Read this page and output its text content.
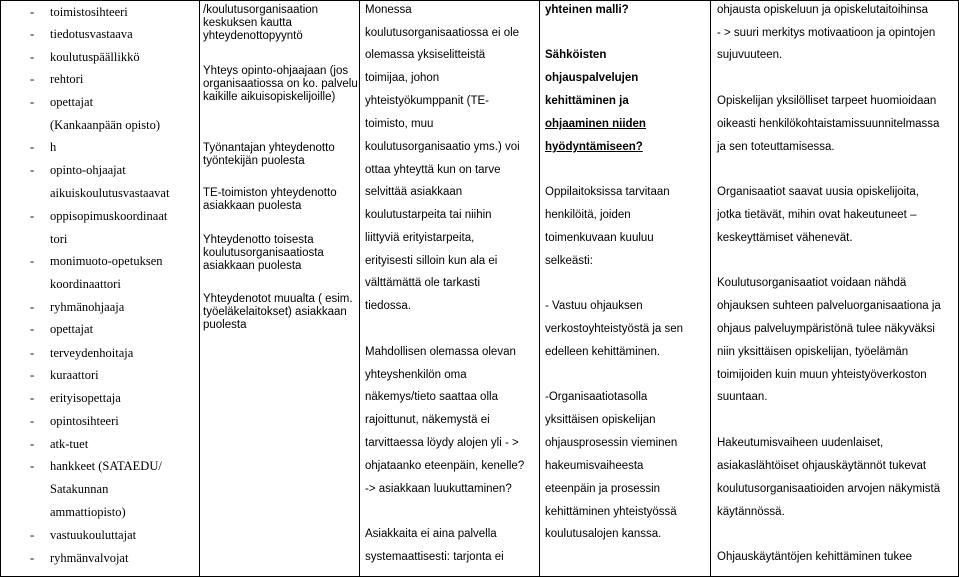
- toimistosihteeri
- tiedotusvastaava
- koulutuspäällikkö
- rehtori
- opettajat
(Kankaanpään opisto)
- h
- opinto-ohjaajat
aikuiskoulutusvastaavat
- oppisopimuskoordinaat
tori
- monimuoto-opetuksen
koordinaattori
- ryhmänohjaaja
- opettajat
- terveydenhoitaja
- kuraattori
- erityisopettaja
- opintosihteeri
- atk-tuet
- hankkeet (SATAEDU/
Satakunnan
ammattiopisto)
- vastuukouluttajat
- ryhmänvalvojat
/koulutusorganisaation keskuksen kautta yhteydenottopyyntö
Yhteys opinto-ohjaajaan (jos organisaatiossa on ko. palvelu kaikille aikuisopiskelijoille)
Työnantajan yhteydenotto työntekijän puolesta
TE-toimiston yhteydenotto asiakkaan puolesta
Yhteydenotto toisesta koulutusorganisaatiosta asiakkaan puolesta
Yhteydenotot muualta ( esim. työeläkelaitokset) asiakkaan puolesta
Monessa
koulutusorganisaatiossa ei ole
olemassa yksiselitteistä
toimijaa, johon
yhteistyökumppanit (TE-
toimisto, muu
koulutusorganisaatio yms.) voi
ottaa yhteyttä kun on tarve
selvittää asiakkaan
koulutustarpeita tai niihin
liittyviä erityistarpeita,
erityisesti silloin kun ala ei
välttämättä ole tarkasti
tiedossa.
Mahdollisen olemassa olevan
yhteyshenkilön oma
näkemys/tieto saattaa olla
rajoittunut, näkemystä ei
tarvittaessa löydy alojen yli - >
ohjataanko eteenpäin, kenelle?
-> asiakkaan luukuttaminen?
Asiakkaita ei aina palvella
systemaattisesti: tarjonta ei
yhteinen malli?
Sähköisten
ohjauspalvelujen
kehittäminen ja
ohjaaminen niiden
hyödyntämiseen?
Oppilaitoksissa tarvitaan
henkilöitä, joiden
toimenkuvaan kuuluu
selkeästi:
- Vastuu ohjauksen
verkostoyhteistyöstä ja sen
edelleen kehittäminen.
-Organisaatiotasolla
yksittäisen opiskelijan
ohjausprosessin vieminen
hakeumisvaiheesta
eteenpäin ja prosessin
kehittäminen yhteistyössä
koulutusalojen kanssa.
ohjausta opiskeluun ja opiskelutaitoihinsa
- > suuri merkitys motivaatioon ja opintojen
sujuvuuteen.
Opiskelijan yksilölliset tarpeet huomioidaan
oikeasti henkilökohtaistamissuunnitelmassa
ja sen toteuttamisessa.
Organisaatiot saavat uusia opiskelijoita,
jotka tietävät, mihin ovat hakeutuneet –
keskeyttämiset vähenevät.
Koulutusorganisaatiot voidaan nähdä
ohjauksen suhteen palveluorganisaationa ja
ohjaus palveluympäristönä tulee näkyväksi
niin yksittäisen opiskelijan, työelämän
toimijoiden kuin muun yhteistyöverkoston
suuntaan.
Hakeutumisvaiheen uudenlaiset,
asiakaslähtöiset ohjauskäytännöt tukevat
koulutusorganisaatioiden arvojen näkymistä
käytännössä.
Ohjauskäytäntöjen kehittäminen tukee
